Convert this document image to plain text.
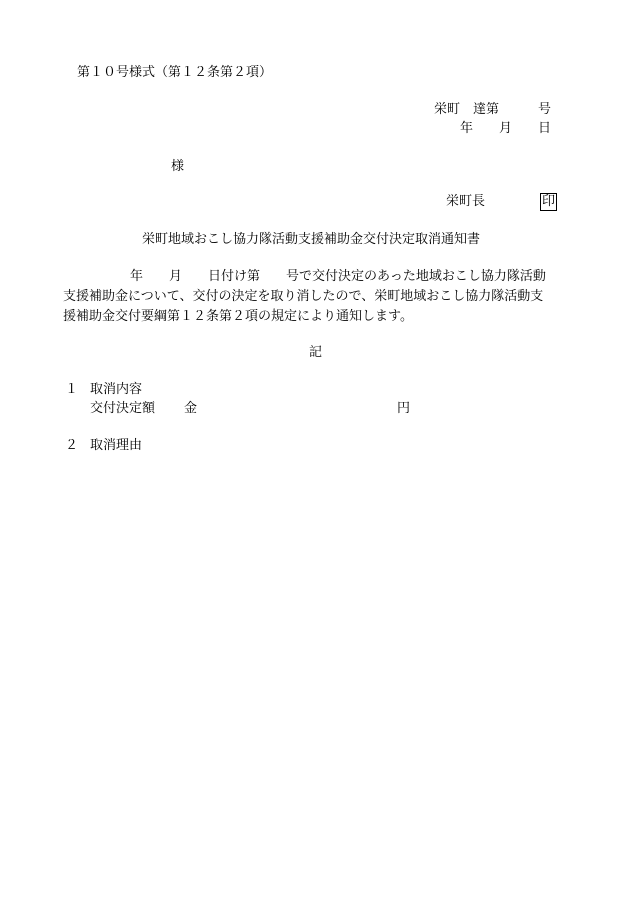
第１０号様式（第１２条第２項）
栄町　達第　　　号
年　　月　　日
様
栄町長	印
栄町地域おこし協力隊活動支援補助金交付決定取消通知書
年　　月　　日付け第　　号で交付決定のあった地域おこし協力隊活動
支援補助金について、交付の決定を取り消したので、栄町地域おこし協力隊活動支
援補助金交付要綱第１２条第２項の規定により通知します。
記
１ 取消内容
交付決定額 金	円
２ 取消理由
